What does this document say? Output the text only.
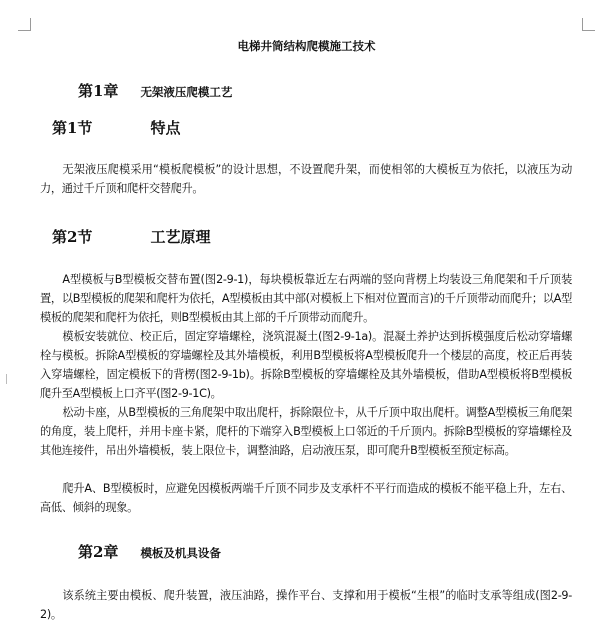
电梯井筒结构爬模施工技术
第1章 无架液压爬模工艺
第1节	特点
无架液压爬模采用“模板爬模板”的设计思想，不设置爬升架，而使相邻的大模板互为依托，以液压为动力，通过千斤顶和爬杆交替爬升。
第2节	工艺原理
A型模板与B型模板交替布置(图2-9-1)，每块模板靠近左右两端的竖向背楞上均装设三角爬架和千斤顶装置，以B型模板的爬架和爬杆为依托，A型模板由其中部(对模板上下相对位置而言)的千斤顶带动而爬升；以A型模板的爬架和爬杆为依托，则B型模板由其上部的千斤顶带动而爬升。
模板安装就位、校正后，固定穿墙螺栓，浇筑混凝土(图2-9-1a)。混凝土养护达到拆模强度后松动穿墙螺栓与模板。拆除A型模板的穿墙螺栓及其外墙模板，利用B型模板将A型模板爬升一个楼层的高度，校正后再装入穿墙螺栓，固定模板下的背楞(图2-9-1b)。拆除B型模板的穿墙螺栓及其外墙模板，借助A型模板将B型模板爬升至A型模板上口齐平(图2-9-1C)。
松动卡座，从B型模板的三角爬架中取出爬杆，拆除限位卡，从千斤顶中取出爬杆。调整A型模板三角爬架的角度，装上爬杆，并用卡座卡紧，爬杆的下端穿入B型模板上口邻近的千斤顶内。拆除B型模板的穿墙螺栓及其他连接件，吊出外墙模板，装上限位卡，调整油路，启动液压泵，即可爬升B型模板至预定标高。
爬升A、B型模板时，应避免因模板两端千斤顶不同步及支承杆不平行而造成的模板不能平稳上升，左右、高低、倾斜的现象。
第2章 模板及机具设备
该系统主要由模板、爬升装置，液压油路，操作平台、支撑和用于模板“生根”的临时支承等组成(图2-9-2)。
